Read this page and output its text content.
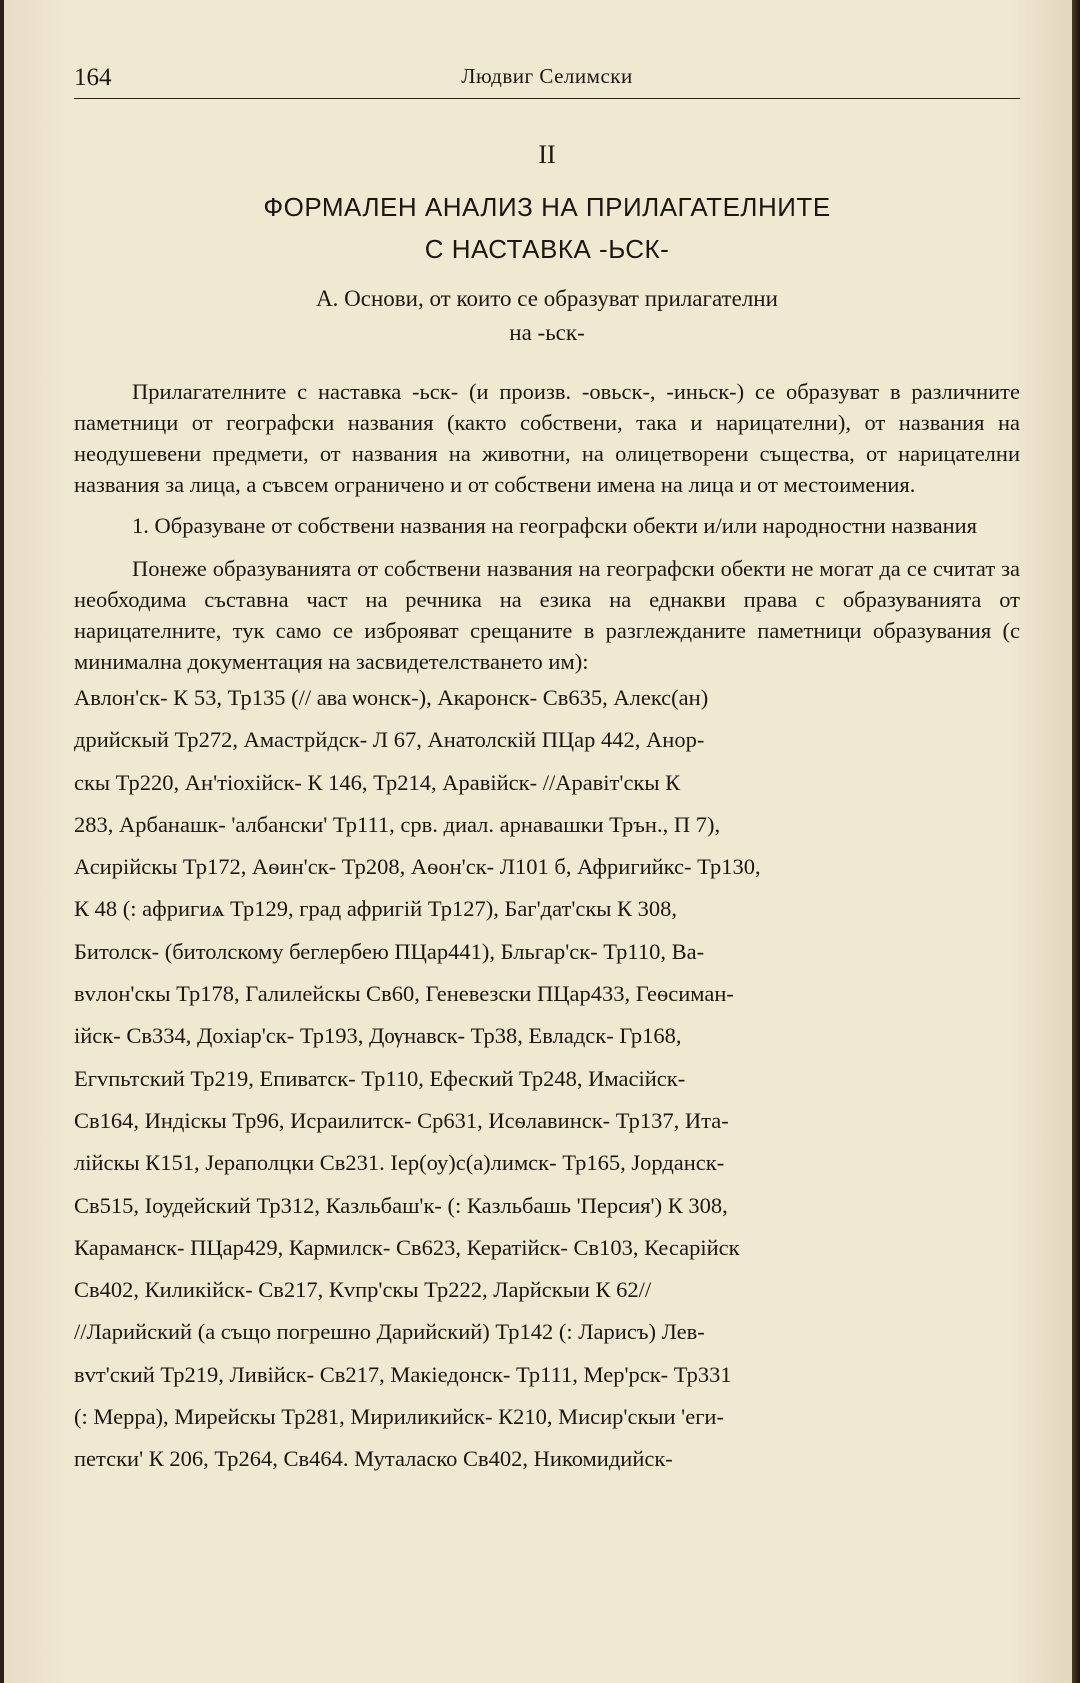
164	Людвиг Селимски
II
ФОРМАЛЕН АНАЛИЗ НА ПРИЛАГАТЕЛНИТЕ
С НАСТАВКА -ЬСК-
А. Основи, от които се образуват прилагателни
на -ьск-

Прилагателните с наставка -ьск- (и произв. -овьск-, -иньск-) се образуват в различните паметници от географски названия (както собствени, така и нарицателни), от названия на неодушевени предмети, от названия на животни, на олицетворени същества, от нарицателни названия за лица, а съвсем ограничено и от собствени имена на лица и от местоимения.

1. Образуване от собствени названия на географски обекти и/или народностни названия

Понеже образуванията от собствени названия на географски обекти не могат да се считат за необходима съставна част на речника на езика на еднакви права с образуванията от нарицателните, тук само се изброяват срещаните в разглежданите паметници образувания (с минимална документация на засвидетелстването им):

Авлон'ск- К 53, Тр135 (// ава ѡонск-), Акаронск- Св635, Алекс(ан)
дрийскый Тр272, Амастрйдск- Л 67, Анатолскiй ПЦар 442, Анор-
скы Тр220, Ан'тiохiйск- К 146, Тр214, Аравiйск- //Аравiт'скы К
283, Арбанашк- 'албански' Тр111, срв. диал. арнавашки Трън., П 7),
Асирiйскы Тр172, Аѳин'ск- Тр208, Аѳон'ск- Л101 б, Афригийкс- Тр130,
К 48 (: афригиѧ Тр129, град афригiй Тр127), Баг'дат'скы К 308,
Битолск- (битолскому беглербею ПЦар441), Бльгар'ск- Тр110, Ва-
вvлон'скы Тр178, Галилейскы Св60, Геневезски ПЦар433, Геѳсиман-
iйск- Св334, Дохiар'ск- Тр193, Дѹнавск- Тр38, Евладск- Гр168,
Егvпьтский Тр219, Епиватск- Тр110, Ефеский Тр248, Имасiйск-
Св164, Индiскы Тр96, Исраилитск- Ср631, Исѳлавинск- Тр137, Ита-
лiйскы К151, Јераполцки Св231. Iер(оу)с(а)лимск- Тр165, Јорданск-
Св515, Iоудейский Тр312, Казльбаш'к- (: Казльбашь 'Персия') К 308,
Караманск- ПЦар429, Кармилск- Св623, Кератiйск- Св103, Кесарiйск
Св402, Киликiйск- Св217, Кvпр'скы Тр222, Ларйскыи К 62//
//Ларийский (а също погрешно Дарийский) Тр142 (: Ларисъ) Лев-
вvт'ский Тр219, Ливiйск- Св217, Макiедонск- Тр111, Мер'рск- Тр331
(: Мерра), Мирейскы Тр281, Мириликийск- К210, Мисир'скыи 'еги-
петски' К 206, Тр264, Св464. Муталаско Св402, Никомидийск-
